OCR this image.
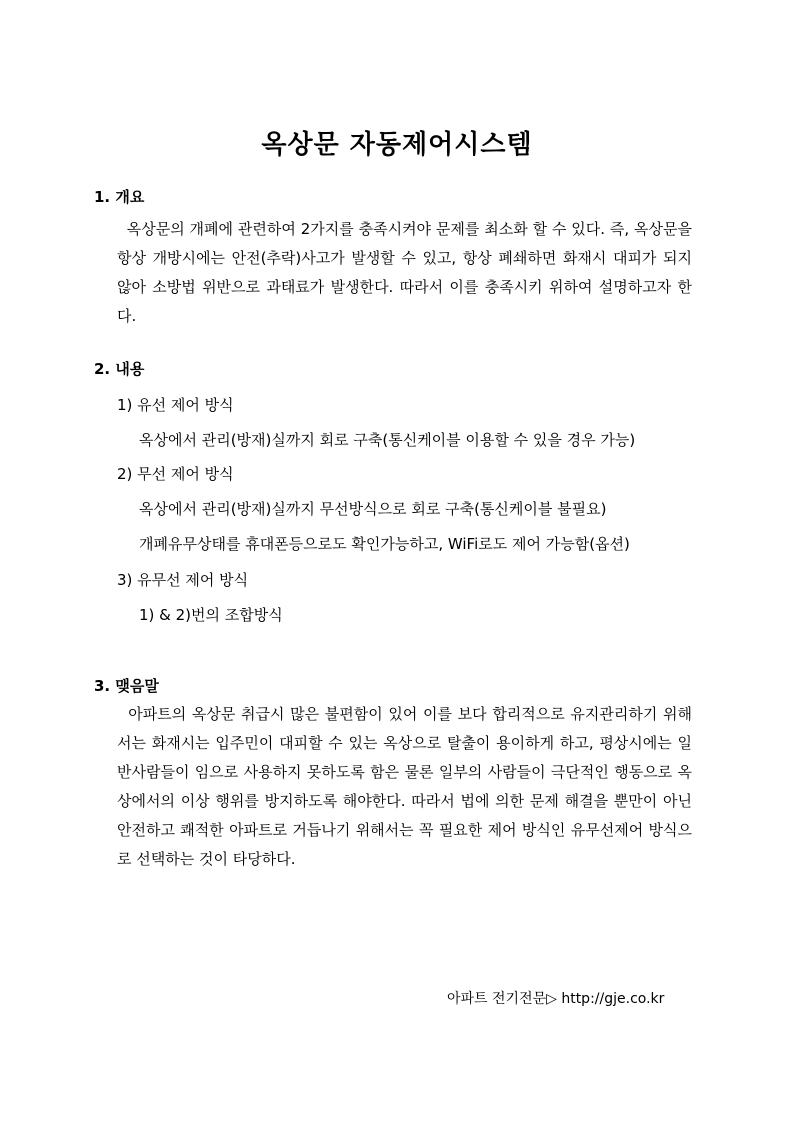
옥상문 자동제어시스템
1. 개요
옥상문의 개폐에 관련하여 2가지를 충족시켜야 문제를 최소화 할 수 있다. 즉, 옥상문을 항상 개방시에는 안전(추락)사고가 발생할 수 있고, 항상 폐쇄하면 화재시 대피가 되지 않아 소방법 위반으로 과태료가 발생한다. 따라서 이를 충족시키 위하여 설명하고자 한다.
2. 내용
1) 유선 제어 방식
옥상에서 관리(방재)실까지 회로 구축(통신케이블 이용할 수 있을 경우 가능)
2) 무선 제어 방식
옥상에서 관리(방재)실까지 무선방식으로 회로 구축(통신케이블 불필요)
개폐유무상태를 휴대폰등으로도 확인가능하고, WiFi로도 제어 가능함(옵션)
3) 유무선 제어 방식
1) & 2)번의 조합방식
3. 맺음말
아파트의 옥상문 취급시 많은 불편함이 있어 이를 보다 합리적으로 유지관리하기 위해서는 화재시는 입주민이 대피할 수 있는 옥상으로 탈출이 용이하게 하고, 평상시에는 일반사람들이 임으로 사용하지 못하도록 함은 물론 일부의 사람들이 극단적인 행동으로 옥상에서의 이상 행위를 방지하도록 해야한다. 따라서 법에 의한 문제 해결을 뿐만이 아닌 안전하고 쾌적한 아파트로 거듭나기 위해서는 꼭 필요한 제어 방식인 유무선제어 방식으로 선택하는 것이 타당하다.
아파트 전기전문▷ http://gje.co.kr
